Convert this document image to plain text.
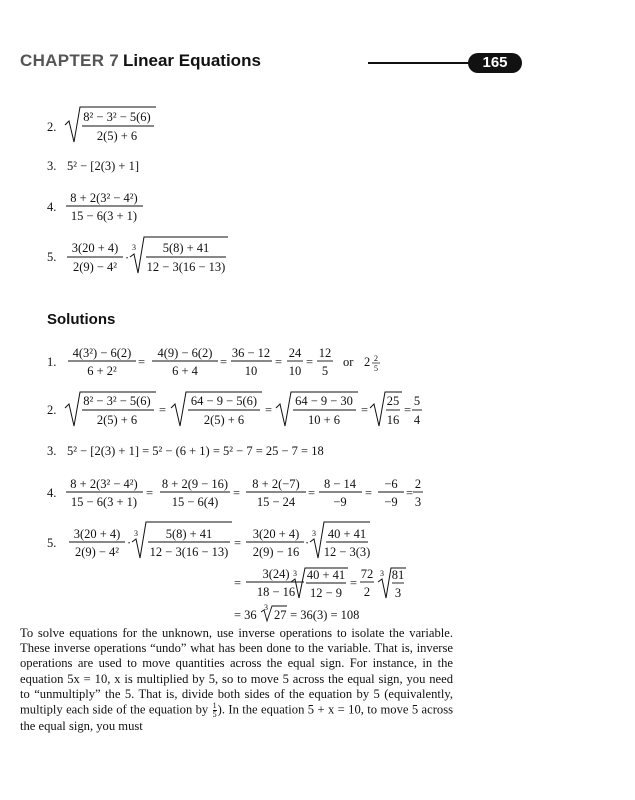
CHAPTER 7 Linear Equations	165
2.
8² − 3² − 5(6)
2(5) + 6
3. 5² − [2(3) + 1]
4.
8 + 2(3² − 4²)
15 − 6(3 + 1)
5.
3(20 + 4)
2(9) − 4²
·
3 5(8) + 41
12 − 3(16 − 13)
1.
4(3²) − 6(2)
6 + 2²
=
4(9) − 6(2)
6 + 4
=
36 − 12
10
=
24
10
=
12
5
or 2 2
5
2.
8² − 3² − 5(6)
2(5) + 6
=
64 − 9 − 5(6)
2(5) + 6
=
64 − 9 − 30
10 + 6
=
25
16
=
5
4
3. 5² − [2(3) + 1] = 5² − (6 + 1) = 5² − 7 = 25 − 7 = 18
4.
8 + 2(3² − 4²)
15 − 6(3 + 1)
=
8 + 2(9 − 16)
15 − 6(4)
=
8 + 2(−7)
15 − 24
=
8 − 14
−9
=
−6
−9
=
2
3
5.
3(20 + 4)
2(9) − 4²
·
3 5(8) + 41
12 − 3(16 − 13)
=
3(20 + 4)
2(9) − 16
·
3 40 + 41
12 − 3(3)
=
3(24)
18 − 16
3 40 + 41
12 − 9
=
72
2
3 81
3
= 36
3
27 = 36(3) = 108
Solutions

To solve equations for the unknown, use inverse operations to isolate the variable. These inverse operations “undo” what has been done to the variable. That is, inverse operations are used to move quantities across the equal sign. For instance, in the equation 5x = 10, x is multiplied by 5, so to move 5 across the equal sign, you need to “unmultiply” the 5. That is, divide both sides of the equation by 5 (equivalently, multiply each side of the equation by $\frac{1}{5}$ ). In the equation 5 + x = 10, to move 5 across the equal sign, you must
